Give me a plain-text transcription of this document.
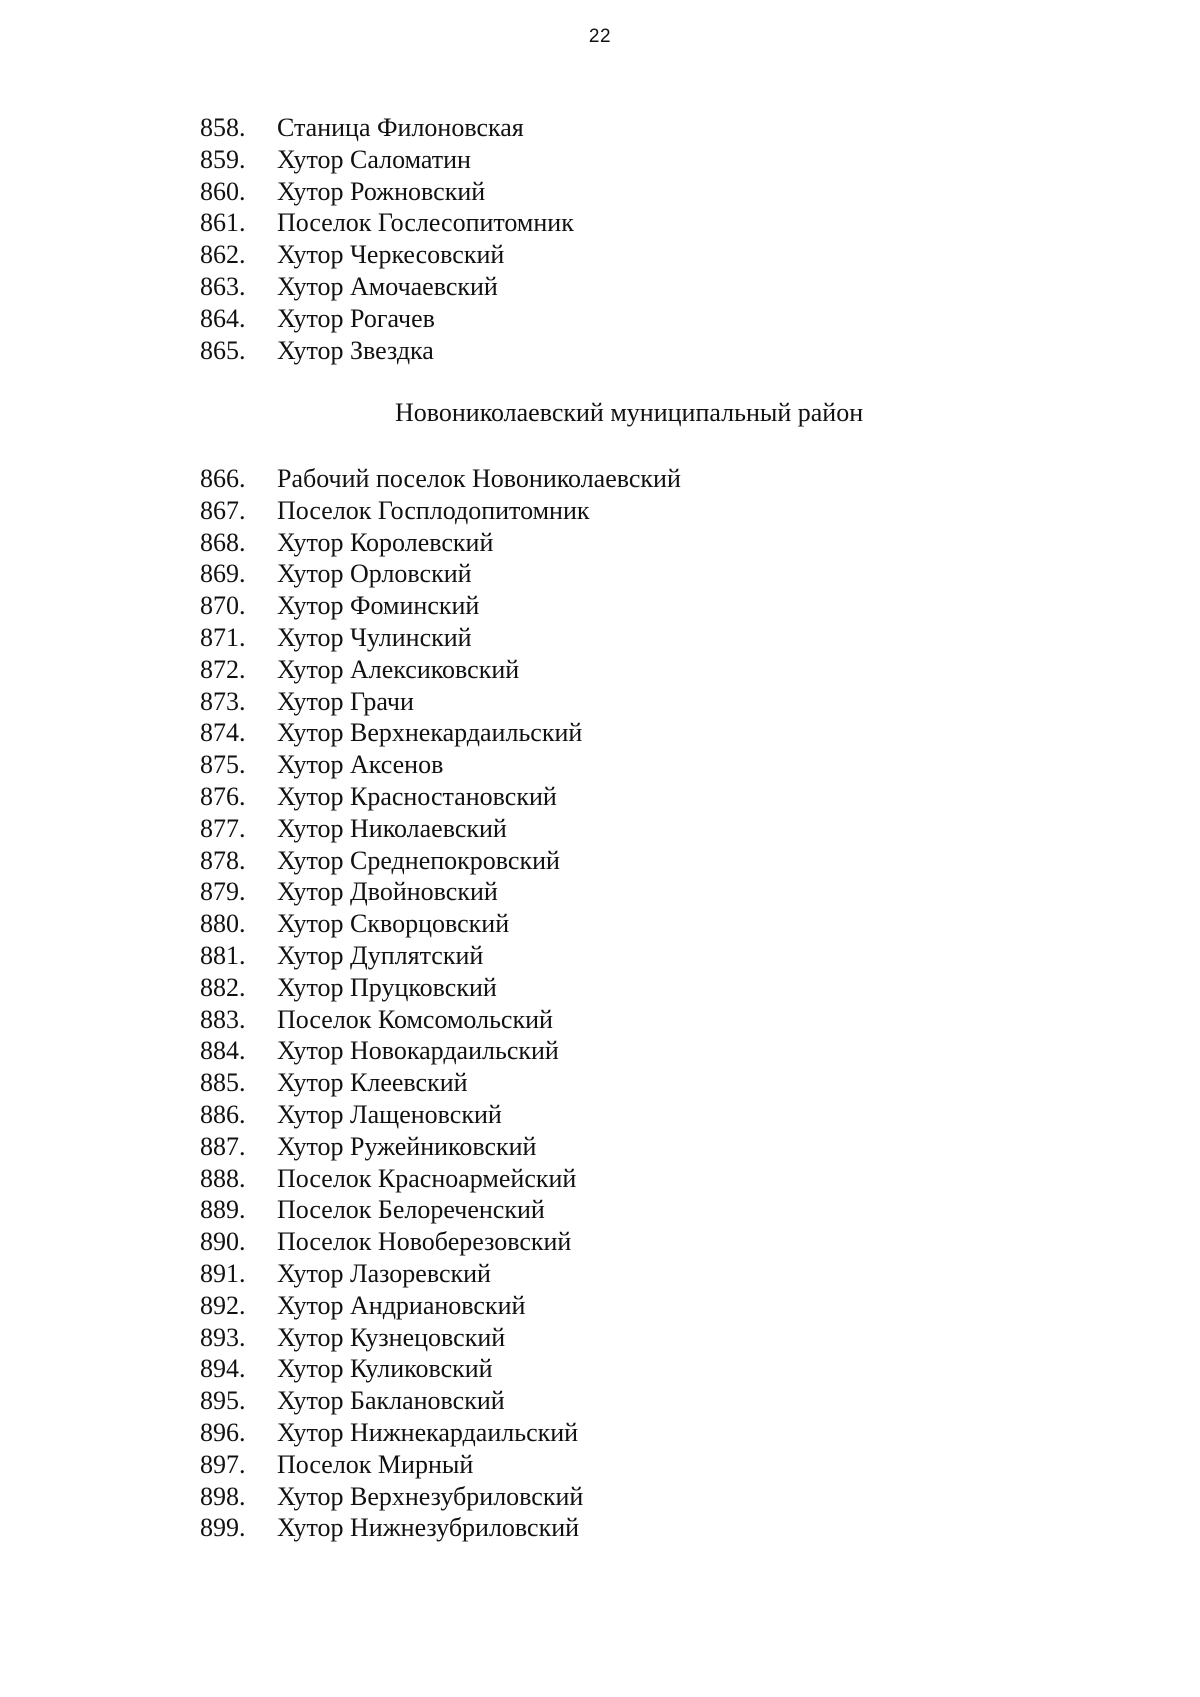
22
858. Станица Филоновская
859. Хутор Саломатин
860. Хутор Рожновский
861. Поселок Гослесопитомник
862. Хутор Черкесовский
863. Хутор Амочаевский
864. Хутор Рогачев
865. Хутор Звездка
Новониколаевский муниципальный район
866. Рабочий поселок Новониколаевский
867. Поселок Госплодопитомник
868. Хутор Королевский
869. Хутор Орловский
870. Хутор Фоминский
871. Хутор Чулинский
872. Хутор Алексиковский
873. Хутор Грачи
874. Хутор Верхнекардаильский
875. Хутор Аксенов
876. Хутор Красностановский
877. Хутор Николаевский
878. Хутор Среднепокровский
879. Хутор Двойновский
880. Хутор Скворцовский
881. Хутор Дуплятский
882. Хутор Пруцковский
883. Поселок Комсомольский
884. Хутор Новокардаильский
885. Хутор Клеевский
886. Хутор Лащеновский
887. Хутор Ружейниковский
888. Поселок Красноармейский
889. Поселок Белореченский
890. Поселок Новоберезовский
891. Хутор Лазоревский
892. Хутор Андриановский
893. Хутор Кузнецовский
894. Хутор Куликовский
895. Хутор Баклановский
896. Хутор Нижнекардаильский
897. Поселок Мирный
898. Хутор Верхнезубриловский
899. Хутор Нижнезубриловский
